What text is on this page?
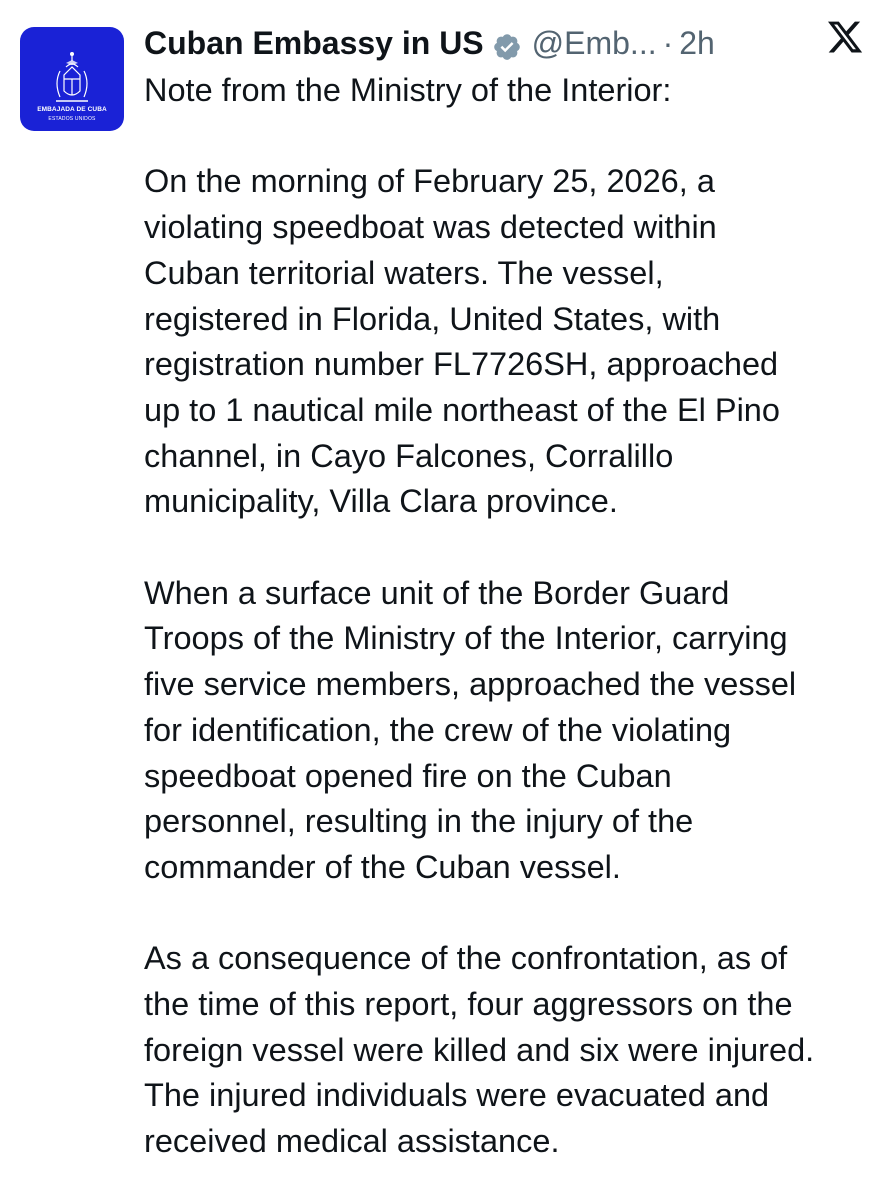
EMBAJADA DE CUBA
ESTADOS UNIDOS
Cuban Embassy in US @Emb... · 2h

Note from the Ministry of the Interior:

On the morning of February 25, 2026, a

violating speedboat was detected within

Cuban territorial waters. The vessel,

registered in Florida, United States, with

registration number FL7726SH, approached

up to 1 nautical mile northeast of the El Pino

channel, in Cayo Falcones, Corralillo

municipality, Villa Clara province.

When a surface unit of the Border Guard

Troops of the Ministry of the Interior, carrying

five service members, approached the vessel

for identification, the crew of the violating

speedboat opened fire on the Cuban

personnel, resulting in the injury of the

commander of the Cuban vessel.

As a consequence of the confrontation, as of

the time of this report, four aggressors on the

foreign vessel were killed and six were injured.

The injured individuals were evacuated and

received medical assistance.
